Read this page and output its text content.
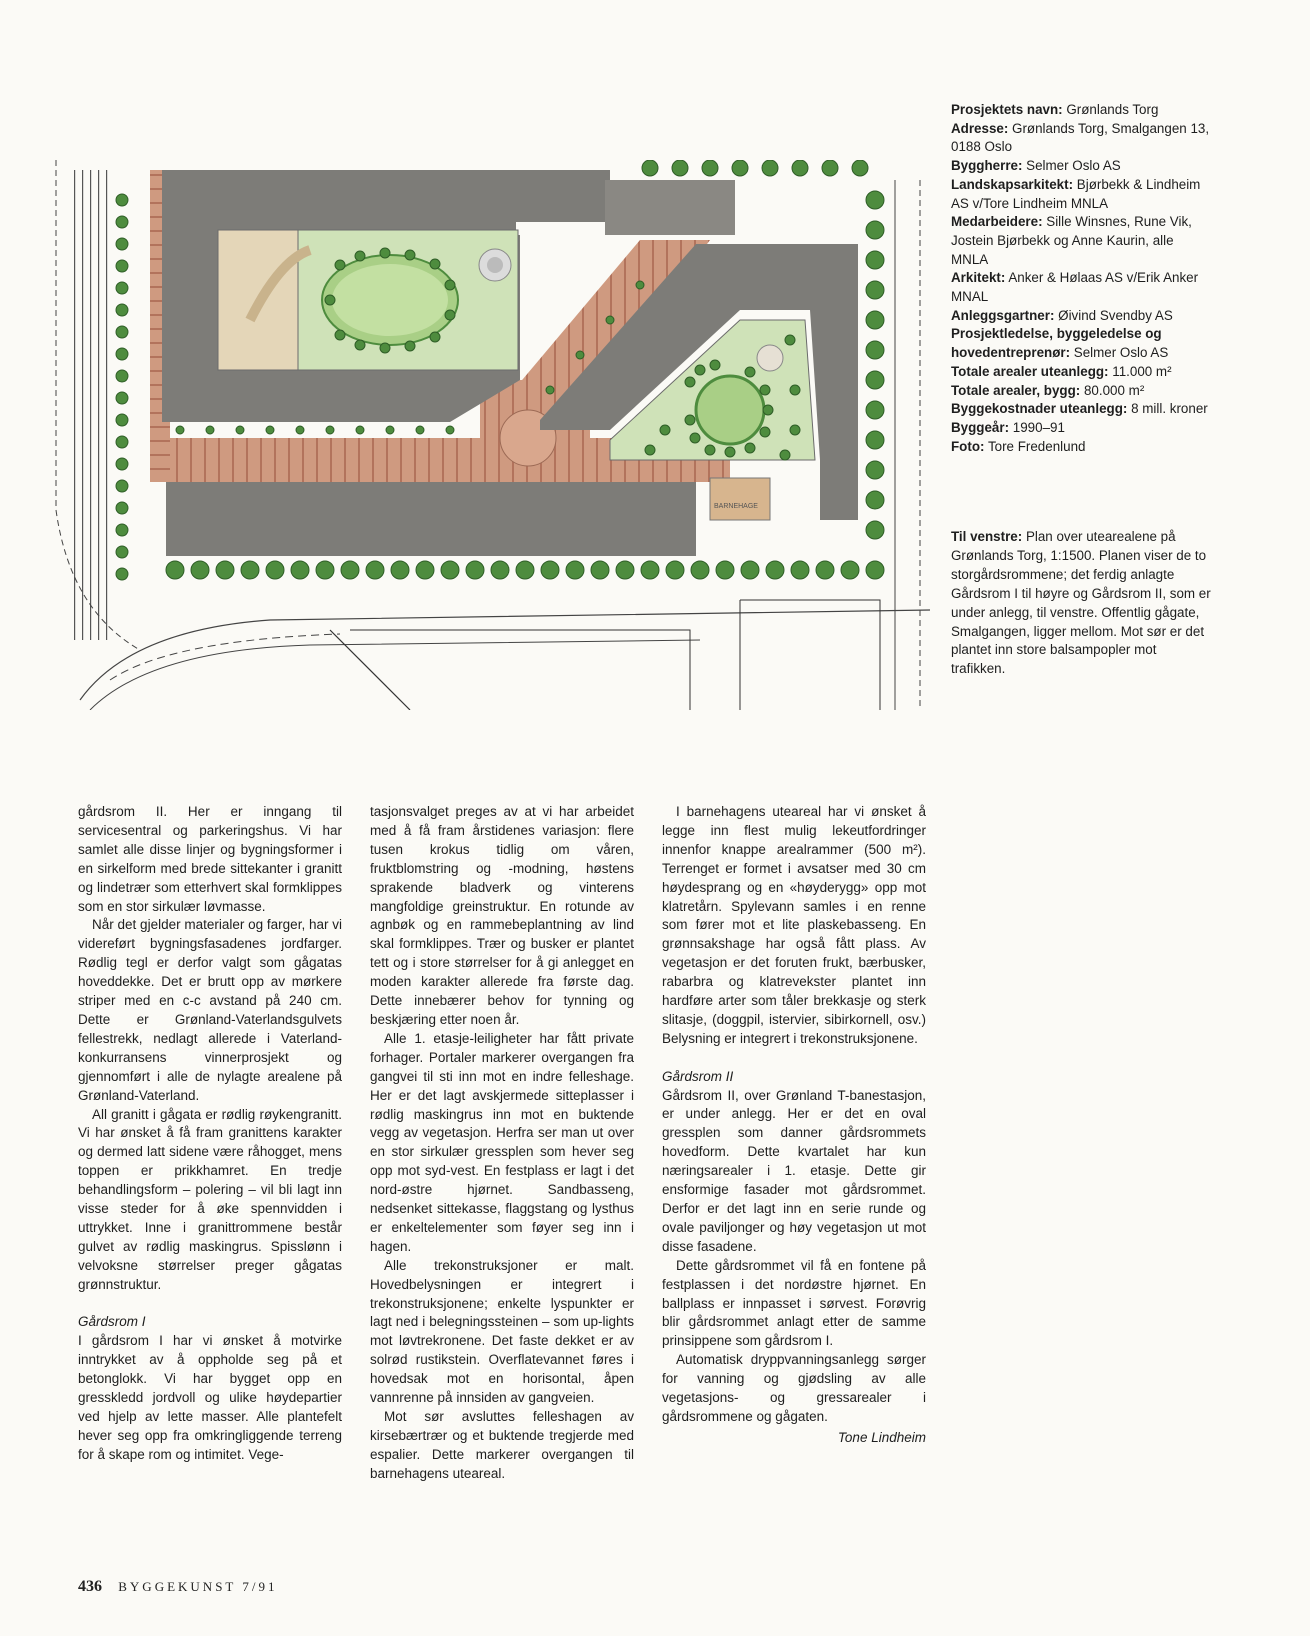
BARNEHAGE

Prosjektets navn: Grønlands Torg

Adresse: Grønlands Torg, Smalgangen 13, 0188 Oslo

Byggherre: Selmer Oslo AS

Landskapsarkitekt: Bjørbekk & Lindheim AS v/Tore Lindheim MNLA

Medarbeidere: Sille Winsnes, Rune Vik, Jostein Bjørbekk og Anne Kaurin, alle MNLA

Arkitekt: Anker & Hølaas AS v/Erik Anker MNAL

Anleggsgartner: Øivind Svendby AS

Prosjektledelse, byggeledelse og hovedentreprenør: Selmer Oslo AS

Totale arealer uteanlegg: 11.000 m²

Totale arealer, bygg: 80.000 m²

Byggekostnader uteanlegg: 8 mill. kroner

Byggeår: 1990–91

Foto: Tore Fredenlund

Til venstre: Plan over utearealene på Grønlands Torg, 1:1500. Planen viser de to storgårdsrommene; det ferdig anlagte Gårdsrom I til høyre og Gårdsrom II, som er under anlegg, til venstre. Offentlig gågate, Smalgangen, ligger mellom. Mot sør er det plantet inn store balsampopler mot trafikken.

gårdsrom II. Her er inngang til servicesentral og parkeringshus. Vi har samlet alle disse linjer og bygningsformer i en sirkelform med brede sittekanter i granitt og lindetrær som etterhvert skal formklippes som en stor sirkulær løvmasse.

Når det gjelder materialer og farger, har vi videreført bygningsfasadenes jordfarger. Rødlig tegl er derfor valgt som gågatas hoveddekke. Det er brutt opp av mørkere striper med en c-c avstand på 240 cm. Dette er Grønland-Vaterlandsgulvets fellestrekk, nedlagt allerede i Vaterland-konkurransens vinnerprosjekt og gjennomført i alle de nylagte arealene på Grønland-Vaterland.

All granitt i gågata er rødlig røykengranitt. Vi har ønsket å få fram granittens karakter og dermed latt sidene være råhogget, mens toppen er prikkhamret. En tredje behandlingsform – polering – vil bli lagt inn visse steder for å øke spennvidden i uttrykket. Inne i granittrommene består gulvet av rødlig maskingrus. Spisslønn i velvoksne størrelser preger gågatas grønnstruktur.

Gårdsrom I

I gårdsrom I har vi ønsket å motvirke inntrykket av å oppholde seg på et betonglokk. Vi har bygget opp en gresskledd jordvoll og ulike høydepartier ved hjelp av lette masser. Alle plantefelt hever seg opp fra omkringliggende terreng for å skape rom og intimitet. Vege-

tasjonsvalget preges av at vi har arbeidet med å få fram årstidenes variasjon: flere tusen krokus tidlig om våren, fruktblomstring og -modning, høstens sprakende bladverk og vinterens mangfoldige greinstruktur. En rotunde av agnbøk og en rammebeplantning av lind skal formklippes. Trær og busker er plantet tett og i store størrelser for å gi anlegget en moden karakter allerede fra første dag. Dette innebærer behov for tynning og beskjæring etter noen år.

Alle 1. etasje-leiligheter har fått private forhager. Portaler markerer overgangen fra gangvei til sti inn mot en indre felleshage. Her er det lagt avskjermede sitteplasser i rødlig maskingrus inn mot en buktende vegg av vegetasjon. Herfra ser man ut over en stor sirkulær gressplen som hever seg opp mot syd-vest. En festplass er lagt i det nord-østre hjørnet. Sandbasseng, nedsenket sittekasse, flaggstang og lysthus er enkeltelementer som føyer seg inn i hagen.

Alle trekonstruksjoner er malt. Hovedbelysningen er integrert i trekonstruksjonene; enkelte lyspunkter er lagt ned i belegningssteinen – som up-lights mot løvtrekronene. Det faste dekket er av solrød rustikstein. Overflatevannet føres i hovedsak mot en horisontal, åpen vannrenne på innsiden av gangveien.

Mot sør avsluttes felleshagen av kirsebærtrær og et buktende tregjerde med espalier. Dette markerer overgangen til barnehagens uteareal.

I barnehagens uteareal har vi ønsket å legge inn flest mulig lekeutfordringer innenfor knappe arealrammer (500 m²). Terrenget er formet i avsatser med 30 cm høydesprang og en «høyderygg» opp mot klatretårn. Spylevann samles i en renne som fører mot et lite plaskebasseng. En grønnsakshage har også fått plass. Av vegetasjon er det foruten frukt, bærbusker, rabarbra og klatrevekster plantet inn hardføre arter som tåler brekkasje og sterk slitasje, (doggpil, istervier, sibirkornell, osv.) Belysning er integrert i trekonstruksjonene.

Gårdsrom II

Gårdsrom II, over Grønland T-banestasjon, er under anlegg. Her er det en oval gressplen som danner gårdsrommets hovedform. Dette kvartalet har kun næringsarealer i 1. etasje. Dette gir ensformige fasader mot gårdsrommet. Derfor er det lagt inn en serie runde og ovale paviljonger og høy vegetasjon ut mot disse fasadene.

Dette gårdsrommet vil få en fontene på festplassen i det nordøstre hjørnet. En ballplass er innpasset i sørvest. Forøvrig blir gårdsrommet anlagt etter de samme prinsippene som gårdsrom I.

Automatisk dryppvanningsanlegg sørger for vanning og gjødsling av alle vegetasjons- og gressarealer i gårdsrommene og gågaten.

Tone Lindheim

436 BYGGEKUNST 7/91
